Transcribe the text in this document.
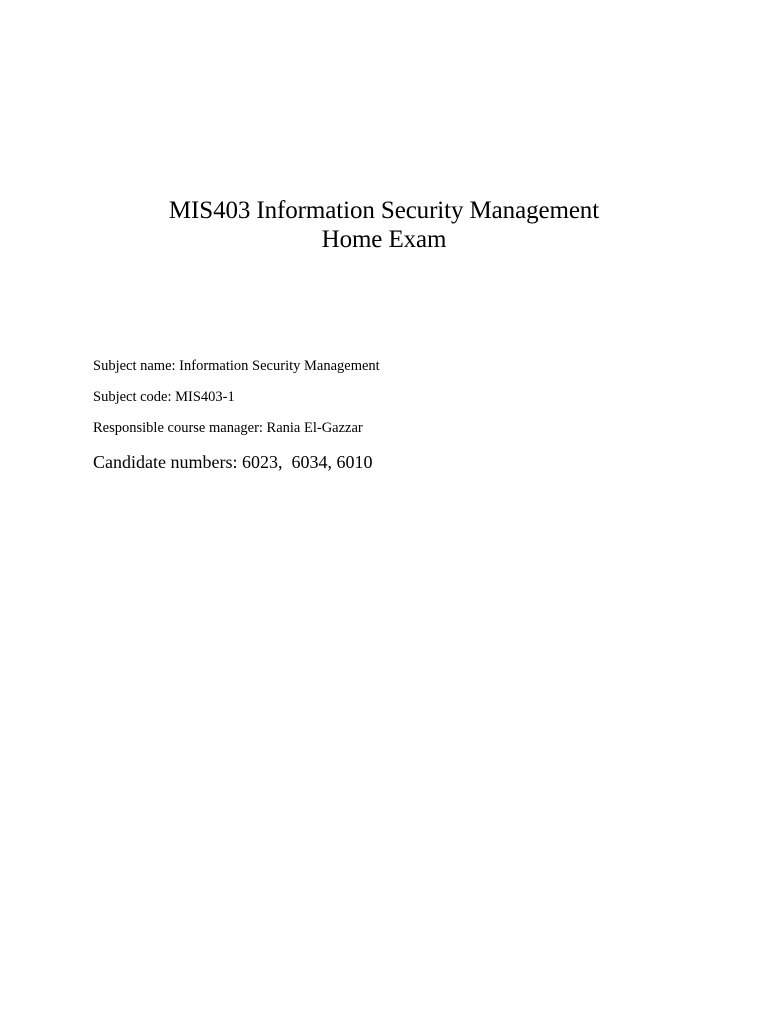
MIS403 Information Security Management
Home Exam
Subject name: Information Security Management
Subject code: MIS403-1
Responsible course manager: Rania El-Gazzar
Candidate numbers: 6023,  6034, 6010
